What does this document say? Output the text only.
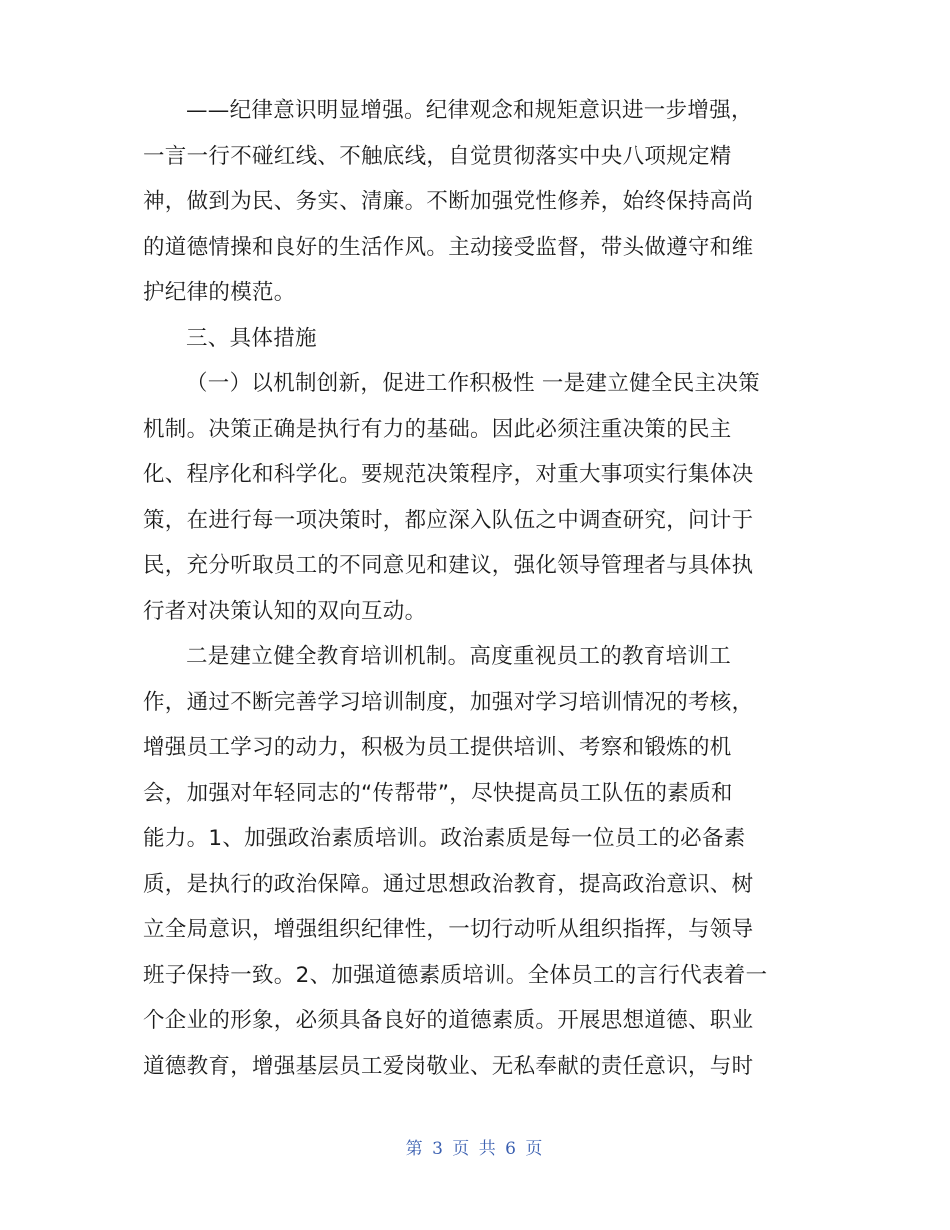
——纪律意识明显增强。纪律观念和规矩意识进一步增强，
一言一行不碰红线、不触底线，自觉贯彻落实中央八项规定精
神，做到为民、务实、清廉。不断加强党性修养，始终保持高尚
的道德情操和良好的生活作风。主动接受监督，带头做遵守和维
护纪律的模范。
三、具体措施
（一）以机制创新，促进工作积极性 一是建立健全民主决策
机制。决策正确是执行有力的基础。因此必须注重决策的民主
化、程序化和科学化。要规范决策程序，对重大事项实行集体决
策，在进行每一项决策时，都应深入队伍之中调查研究，问计于
民，充分听取员工的不同意见和建议，强化领导管理者与具体执
行者对决策认知的双向互动。
二是建立健全教育培训机制。高度重视员工的教育培训工
作，通过不断完善学习培训制度，加强对学习培训情况的考核，
增强员工学习的动力，积极为员工提供培训、考察和锻炼的机
会，加强对年轻同志的“传帮带”，尽快提高员工队伍的素质和
能力。1、加强政治素质培训。政治素质是每一位员工的必备素
质，是执行的政治保障。通过思想政治教育，提高政治意识、树
立全局意识，增强组织纪律性，一切行动听从组织指挥，与领导
班子保持一致。2、加强道德素质培训。全体员工的言行代表着一
个企业的形象，必须具备良好的道德素质。开展思想道德、职业
道德教育，增强基层员工爱岗敬业、无私奉献的责任意识，与时
第 3 页 共 6 页
